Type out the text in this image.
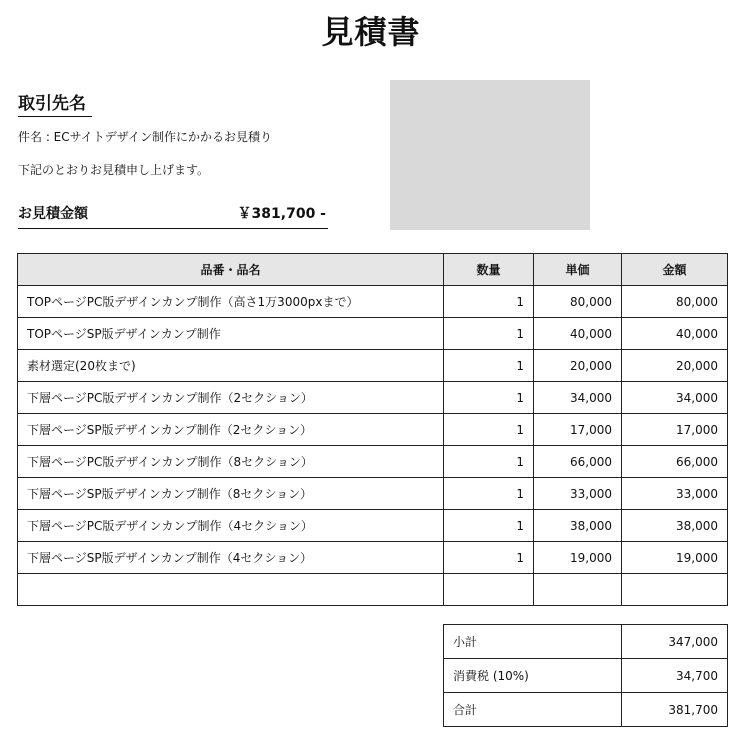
見積書
取引先名
件名 : ECサイトデザイン制作にかかるお見積り
下記のとおりお見積申し上げます。
お見積金額	￥381,700 -
品番・品名	数量	単価	金額
TOPページPC版デザインカンプ制作（高さ1万3000pxまで）	1	80,000	80,000
TOPページSP版デザインカンプ制作	1	40,000	40,000
素材選定(20枚まで)	1	20,000	20,000
下層ページPC版デザインカンプ制作（2セクション）	1	34,000	34,000
下層ページSP版デザインカンプ制作（2セクション）	1	17,000	17,000
下層ページPC版デザインカンプ制作（8セクション）	1	66,000	66,000
下層ページSP版デザインカンプ制作（8セクション）	1	33,000	33,000
下層ページPC版デザインカンプ制作（4セクション）	1	38,000	38,000
下層ページSP版デザインカンプ制作（4セクション）	1	19,000	19,000

小計	347,000
消費税 (10%)	34,700
合計	381,700
